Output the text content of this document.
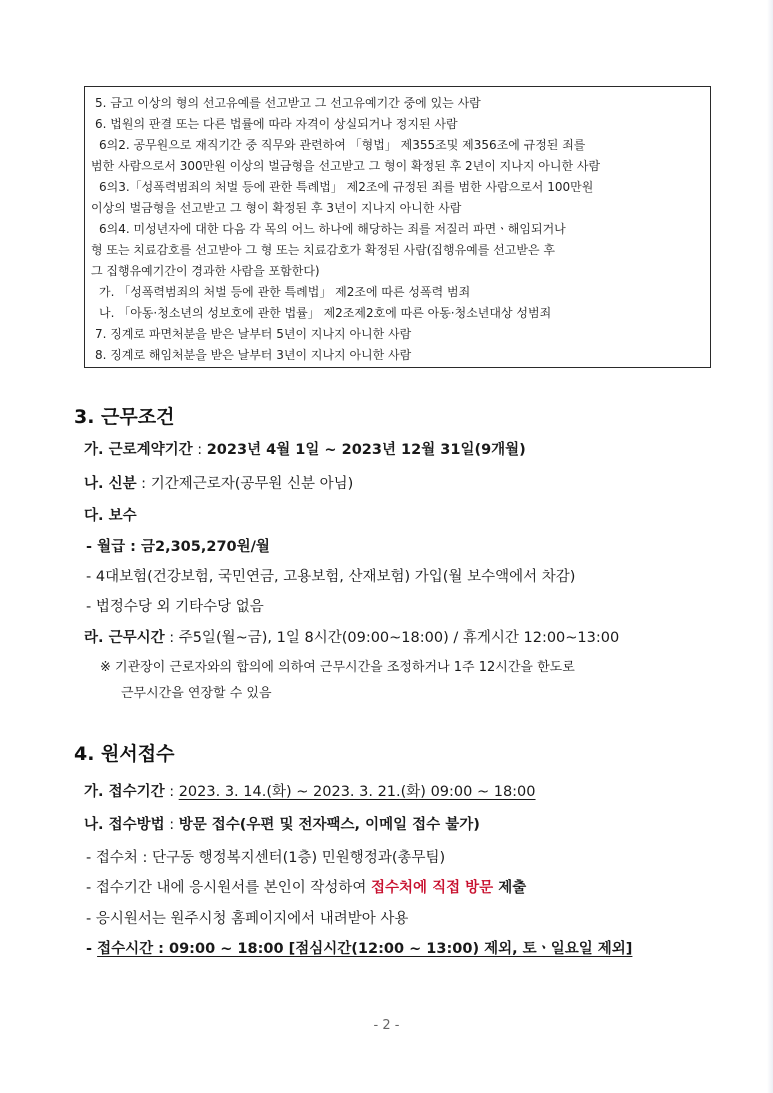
5. 금고 이상의 형의 선고유예를 선고받고 그 선고유예기간 중에 있는 사람
6. 법원의 판결 또는 다른 법률에 따라 자격이 상실되거나 정지된 사람
6의2. 공무원으로 재직기간 중 직무와 관련하여 「형법」 제355조및 제356조에 규정된 죄를
범한 사람으로서 300만원 이상의 벌금형을 선고받고 그 형이 확정된 후 2년이 지나지 아니한 사람
6의3.「성폭력범죄의 처벌 등에 관한 특례법」 제2조에 규정된 죄를 범한 사람으로서 100만원
이상의 벌금형을 선고받고 그 형이 확정된 후 3년이 지나지 아니한 사람
6의4. 미성년자에 대한 다음 각 목의 어느 하나에 해당하는 죄를 저질러 파면ㆍ해임되거나
형 또는 치료감호를 선고받아 그 형 또는 치료감호가 확정된 사람(집행유예를 선고받은 후
그 집행유예기간이 경과한 사람을 포함한다)
가. 「성폭력범죄의 처벌 등에 관한 특례법」 제2조에 따른 성폭력 범죄
나. 「아동·청소년의 성보호에 관한 법률」 제2조제2호에 따른 아동·청소년대상 성범죄
7. 징계로 파면처분을 받은 날부터 5년이 지나지 아니한 사람
8. 징계로 해임처분을 받은 날부터 3년이 지나지 아니한 사람
3. 근무조건
가. 근로계약기간 : 2023년 4월 1일 ~ 2023년 12월 31일(9개월)
나. 신분 : 기간제근로자(공무원 신분 아님)
다. 보수
- 월급 : 금2,305,270원/월
- 4대보험(건강보험, 국민연금, 고용보험, 산재보험) 가입(월 보수액에서 차감)
- 법정수당 외 기타수당 없음
라. 근무시간 : 주5일(월~금), 1일 8시간(09:00~18:00) / 휴게시간 12:00~13:00
※ 기관장이 근로자와의 합의에 의하여 근무시간을 조정하거나 1주 12시간을 한도로
근무시간을 연장할 수 있음
4. 원서접수
가. 접수기간 : 2023. 3. 14.(화) ~ 2023. 3. 21.(화) 09:00 ~ 18:00
나. 접수방법 : 방문 접수(우편 및 전자팩스, 이메일 접수 불가)
- 접수처 : 단구동 행정복지센터(1층) 민원행정과(총무팀)
- 접수기간 내에 응시원서를 본인이 작성하여 접수처에 직접 방문 제출
- 응시원서는 원주시청 홈페이지에서 내려받아 사용
- 접수시간 : 09:00 ~ 18:00 [점심시간(12:00 ~ 13:00) 제외, 토ㆍ일요일 제외]
- 2 -
